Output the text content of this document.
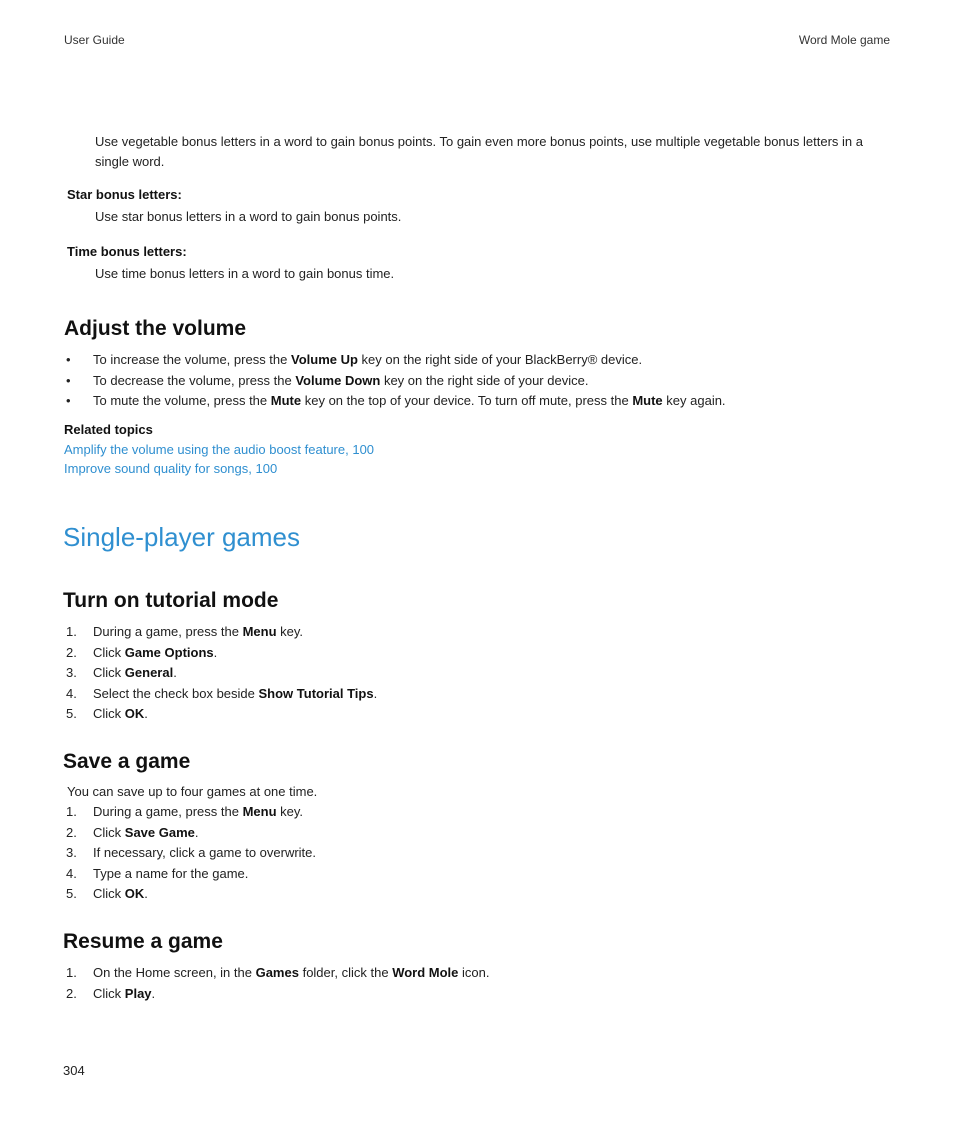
User Guide	Word Mole game
Use vegetable bonus letters in a word to gain bonus points. To gain even more bonus points, use multiple vegetable bonus letters in a single word.
Star bonus letters:
Use star bonus letters in a word to gain bonus points.
Time bonus letters:
Use time bonus letters in a word to gain bonus time.
Adjust the volume
• To increase the volume, press the Volume Up key on the right side of your BlackBerry® device.
• To decrease the volume, press the Volume Down key on the right side of your device.
• To mute the volume, press the Mute key on the top of your device. To turn off mute, press the Mute key again.
Related topics
Amplify the volume using the audio boost feature, 100
Improve sound quality for songs, 100
Single-player games
Turn on tutorial mode
1. During a game, press the Menu key.
2. Click Game Options.
3. Click General.
4. Select the check box beside Show Tutorial Tips.
5. Click OK.
Save a game
You can save up to four games at one time.
1. During a game, press the Menu key.
2. Click Save Game.
3. If necessary, click a game to overwrite.
4. Type a name for the game.
5. Click OK.
Resume a game
1. On the Home screen, in the Games folder, click the Word Mole icon.
2. Click Play.
304
